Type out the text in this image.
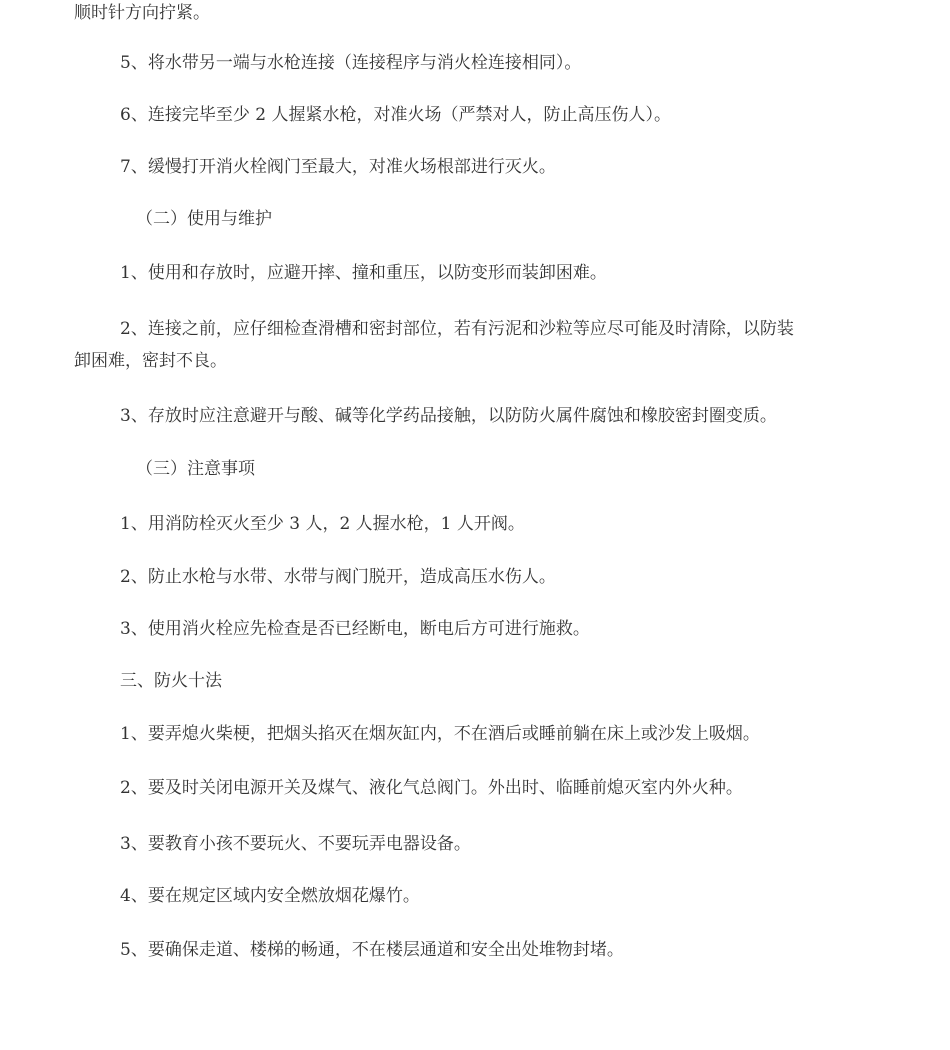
顺时针方向拧紧。
5、将水带另一端与水枪连接（连接程序与消火栓连接相同）。
6、连接完毕至少 2 人握紧水枪，对准火场（严禁对人，防止高压伤人）。
7、缓慢打开消火栓阀门至最大，对准火场根部进行灭火。
（二）使用与维护
1、使用和存放时，应避开摔、撞和重压，以防变形而装卸困难。
2、连接之前，应仔细检查滑槽和密封部位，若有污泥和沙粒等应尽可能及时清除，以防装
卸困难，密封不良。
3、存放时应注意避开与酸、碱等化学药品接触，以防防火属件腐蚀和橡胶密封圈变质。
（三）注意事项
1、用消防栓灭火至少 3 人，2 人握水枪，1 人开阀。
2、防止水枪与水带、水带与阀门脱开，造成高压水伤人。
3、使用消火栓应先检查是否已经断电，断电后方可进行施救。
三、防火十法
1、要弄熄火柴梗，把烟头掐灭在烟灰缸内，不在酒后或睡前躺在床上或沙发上吸烟。
2、要及时关闭电源开关及煤气、液化气总阀门。外出时、临睡前熄灭室内外火种。
3、要教育小孩不要玩火、不要玩弄电器设备。
4、要在规定区域内安全燃放烟花爆竹。
5、要确保走道、楼梯的畅通，不在楼层通道和安全出处堆物封堵。
